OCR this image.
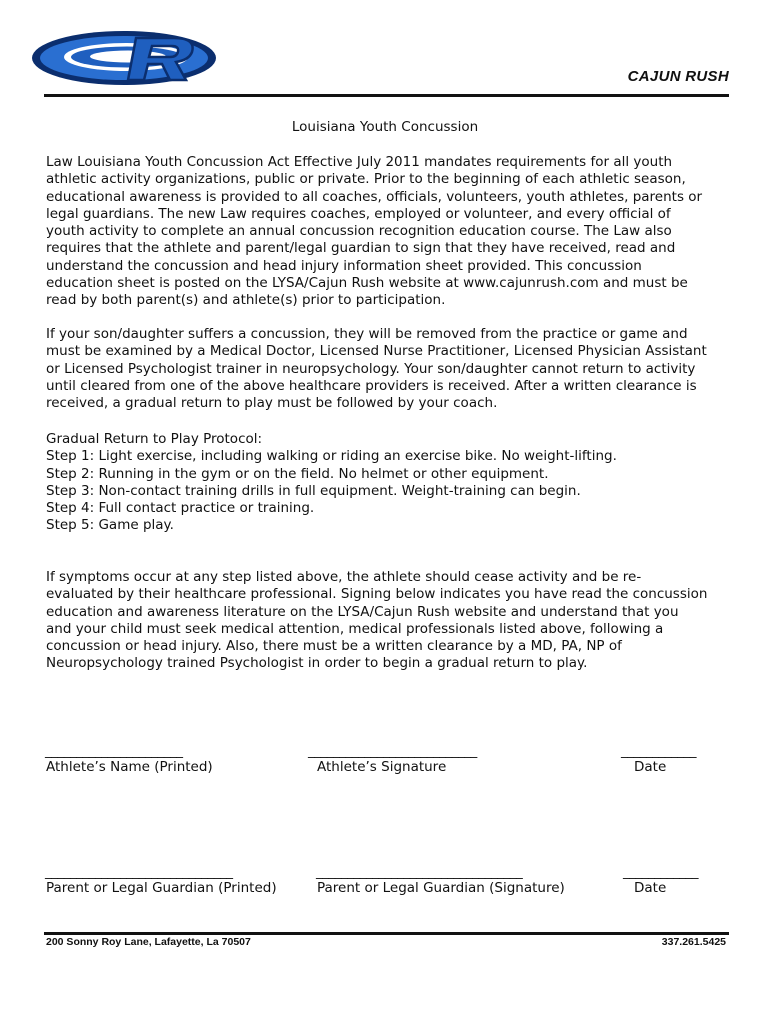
CAJUN RUSH
Louisiana Youth Concussion
Law Louisiana Youth Concussion Act Effective July 2011 mandates requirements for all youth
athletic activity organizations, public or private. Prior to the beginning of each athletic season,
educational awareness is provided to all coaches, officials, volunteers, youth athletes, parents or
legal guardians. The new Law requires coaches, employed or volunteer, and every official of
youth activity to complete an annual concussion recognition education course. The Law also
requires that the athlete and parent/legal guardian to sign that they have received, read and
understand the concussion and head injury information sheet provided. This concussion
education sheet is posted on the LYSA/Cajun Rush website at www.cajunrush.com and must be
read by both parent(s) and athlete(s) prior to participation.
If your son/daughter suffers a concussion, they will be removed from the practice or game and
must be examined by a Medical Doctor, Licensed Nurse Practitioner, Licensed Physician Assistant
or Licensed Psychologist trainer in neuropsychology. Your son/daughter cannot return to activity
until cleared from one of the above healthcare providers is received. After a written clearance is
received, a gradual return to play must be followed by your coach.
Gradual Return to Play Protocol:
Step 1: Light exercise, including walking or riding an exercise bike. No weight-lifting.
Step 2: Running in the gym or on the field. No helmet or other equipment.
Step 3: Non-contact training drills in full equipment. Weight-training can begin.
Step 4: Full contact practice or training.
Step 5: Game play.
If symptoms occur at any step listed above, the athlete should cease activity and be re-
evaluated by their healthcare professional. Signing below indicates you have read the concussion
education and awareness literature on the LYSA/Cajun Rush website and understand that you
and your child must seek medical attention, medical professionals listed above, following a
concussion or head injury. Also, there must be a written clearance by a MD, PA, NP of
Neuropsychology trained Psychologist in order to begin a gradual return to play.
______________________	___________________________	____________
Athlete’s Name (Printed)	Athlete’s Signature	Date
______________________________	_________________________________	____________
Parent or Legal Guardian (Printed)	Parent or Legal Guardian (Signature)	Date
200 Sonny Roy Lane, Lafayette, La 70507	337.261.5425
